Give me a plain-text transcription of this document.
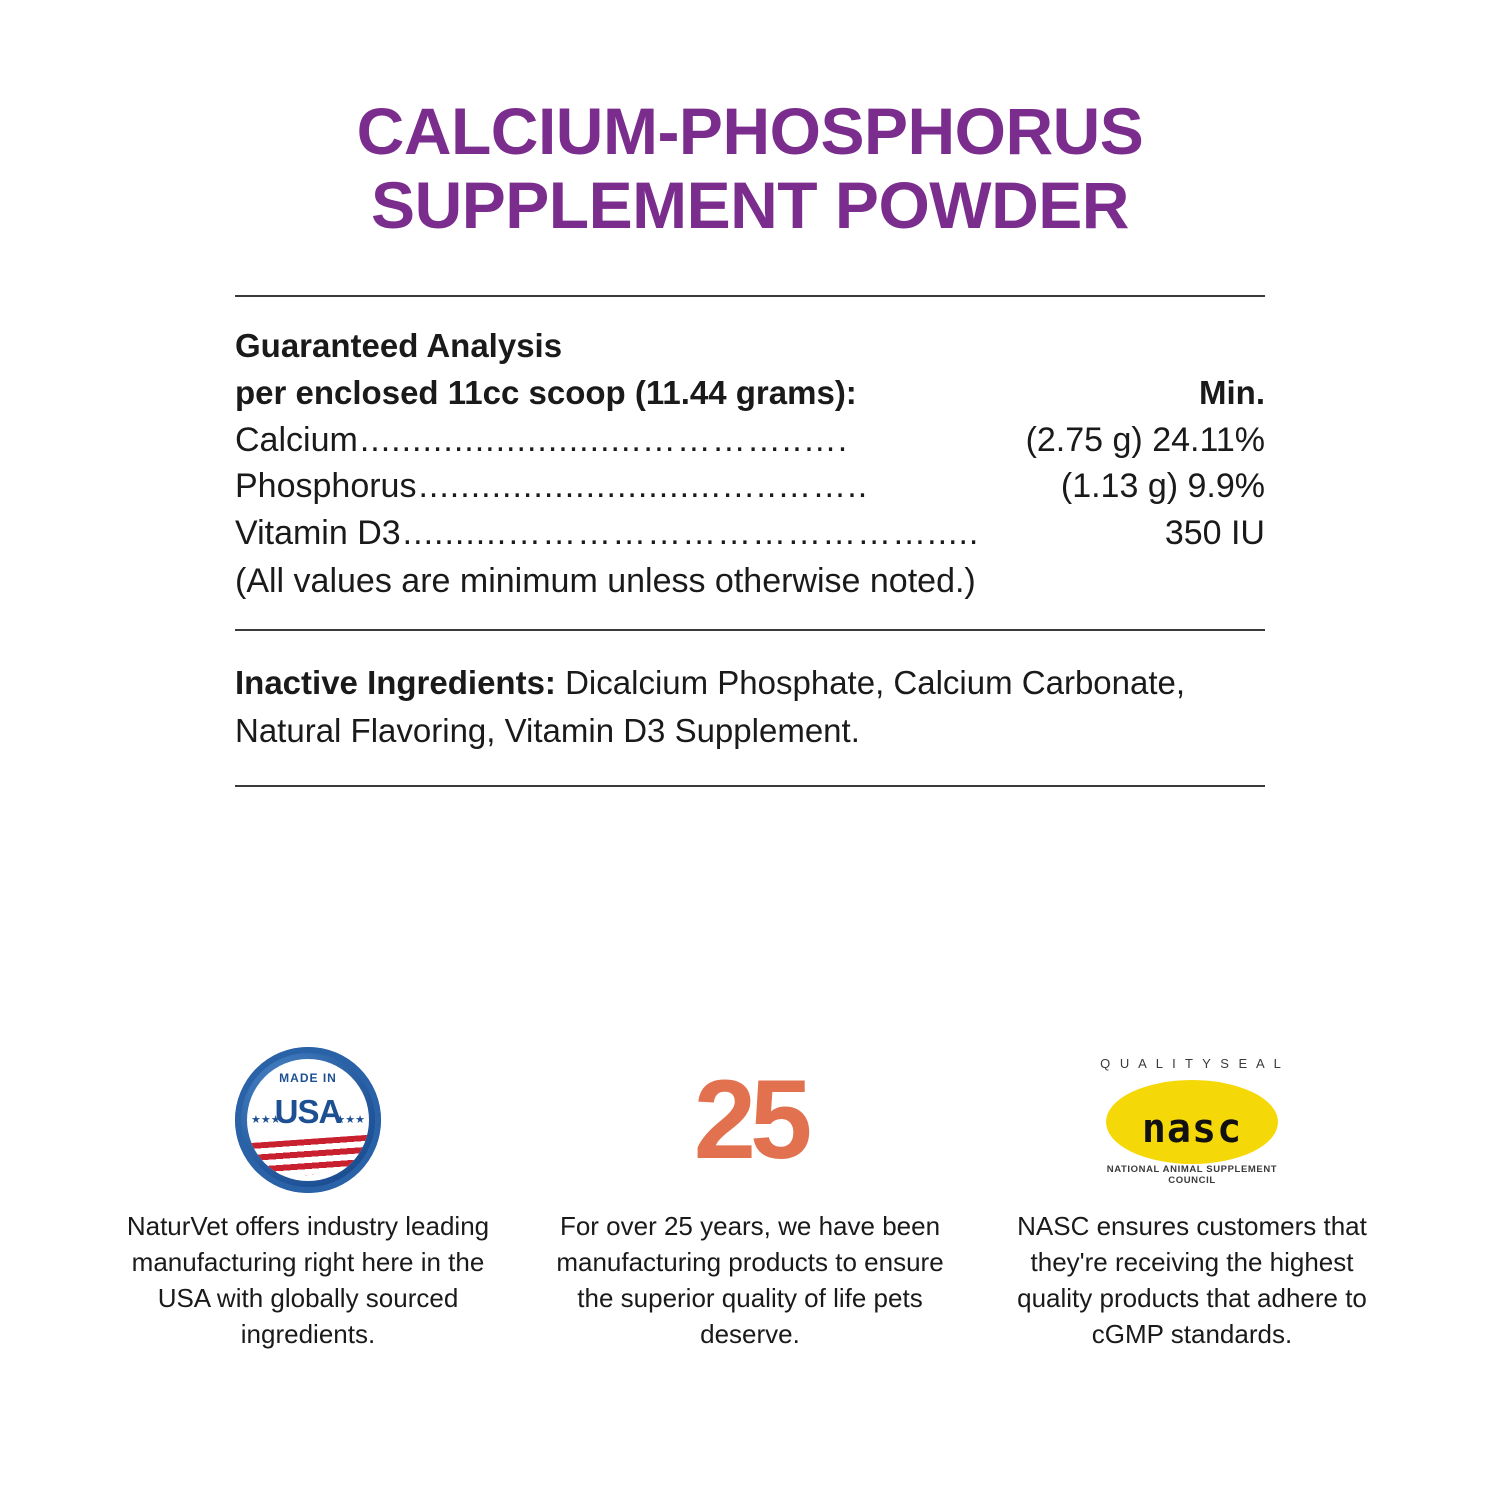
CALCIUM-PHOSPHORUS
SUPPLEMENT POWDER
Guaranteed Analysis
per enclosed 11cc scoop (11.44 grams):	Min.
Calcium ...........................…………..….	(2.75 g) 24.11%
Phosphorus .............................…..……..	(1.13 g) 9.9%
Vitamin D3 ..........……………………………….....	350 IU
(All values are minimum unless otherwise noted.)
Inactive Ingredients: Dicalcium Phosphate, Calcium Carbonate, Natural Flavoring, Vitamin D3 Supplement.
MADE IN
USA
★★★	★★★
NaturVet offers industry leading manufacturing right here in the USA with globally sourced ingredients.
25
For over 25 years, we have been manufacturing products to ensure the superior quality of life pets deserve.
Q U A L I T Y S E A L
nasc
NATIONAL ANIMAL SUPPLEMENT COUNCIL
NASC ensures customers that they're receiving the highest quality products that adhere to cGMP standards.
